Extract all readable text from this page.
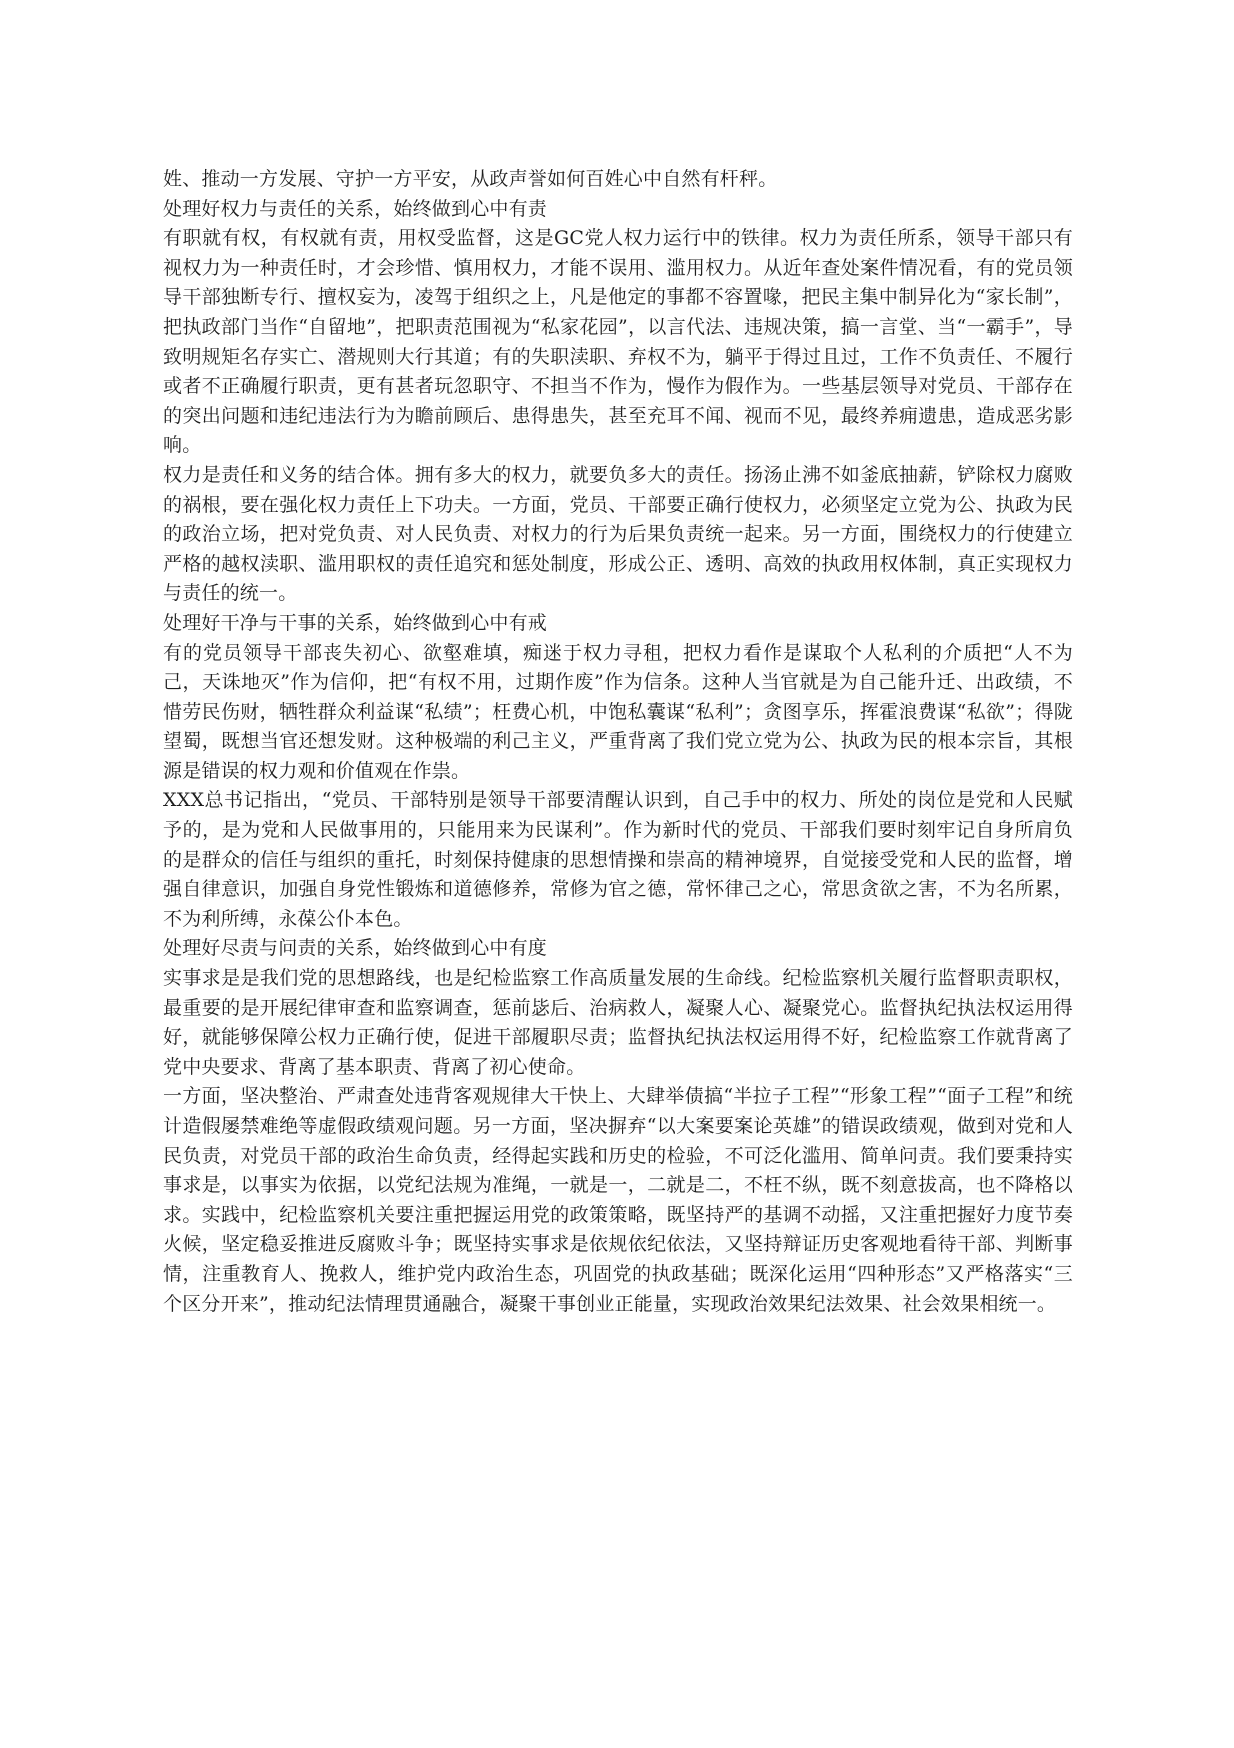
姓、推动一方发展、守护一方平安，从政声誉如何百姓心中自然有杆秤。

处理好权力与责任的关系，始终做到心中有责

有职就有权，有权就有责，用权受监督，这是GC党人权力运行中的铁律。权力为责任所系，领导干部只有视权力为一种责任时，才会珍惜、慎用权力，才能不误用、滥用权力。从近年查处案件情况看，有的党员领导干部独断专行、擅权妄为，凌驾于组织之上，凡是他定的事都不容置喙，把民主集中制异化为“家长制”，把执政部门当作“自留地”，把职责范围视为“私家花园”，以言代法、违规决策，搞一言堂、当“一霸手”，导致明规矩名存实亡、潜规则大行其道；有的失职渎职、弃权不为，躺平于得过且过，工作不负责任、不履行或者不正确履行职责，更有甚者玩忽职守、不担当不作为，慢作为假作为。一些基层领导对党员、干部存在的突出问题和违纪违法行为为瞻前顾后、患得患失，甚至充耳不闻、视而不见，最终养痈遗患，造成恶劣影响。

权力是责任和义务的结合体。拥有多大的权力，就要负多大的责任。扬汤止沸不如釜底抽薪，铲除权力腐败的祸根，要在强化权力责任上下功夫。一方面，党员、干部要正确行使权力，必须坚定立党为公、执政为民的政治立场，把对党负责、对人民负责、对权力的行为后果负责统一起来。另一方面，围绕权力的行使建立严格的越权渎职、滥用职权的责任追究和惩处制度，形成公正、透明、高效的执政用权体制，真正实现权力与责任的统一。

处理好干净与干事的关系，始终做到心中有戒

有的党员领导干部丧失初心、欲壑难填，痴迷于权力寻租，把权力看作是谋取个人私利的介质把“人不为己，天诛地灭”作为信仰，把“有权不用，过期作废”作为信条。这种人当官就是为自己能升迁、出政绩，不惜劳民伤财，牺牲群众利益谋“私绩”；枉费心机，中饱私囊谋“私利”；贪图享乐，挥霍浪费谋“私欲”；得陇望蜀，既想当官还想发财。这种极端的利己主义，严重背离了我们党立党为公、执政为民的根本宗旨，其根源是错误的权力观和价值观在作祟。

XXX总书记指出，“党员、干部特别是领导干部要清醒认识到，自己手中的权力、所处的岗位是党和人民赋予的，是为党和人民做事用的，只能用来为民谋利”。作为新时代的党员、干部我们要时刻牢记自身所肩负的是群众的信任与组织的重托，时刻保持健康的思想情操和崇高的精神境界，自觉接受党和人民的监督，增强自律意识，加强自身党性锻炼和道德修养，常修为官之德，常怀律己之心，常思贪欲之害，不为名所累，不为利所缚，永葆公仆本色。

处理好尽责与问责的关系，始终做到心中有度

实事求是是我们党的思想路线，也是纪检监察工作高质量发展的生命线。纪检监察机关履行监督职责职权，最重要的是开展纪律审查和监察调查，惩前毖后、治病救人，凝聚人心、凝聚党心。监督执纪执法权运用得好，就能够保障公权力正确行使，促进干部履职尽责；监督执纪执法权运用得不好，纪检监察工作就背离了党中央要求、背离了基本职责、背离了初心使命。

一方面，坚决整治、严肃查处违背客观规律大干快上、大肆举债搞“半拉子工程”“形象工程”“面子工程”和统计造假屡禁难绝等虚假政绩观问题。另一方面，坚决摒弃“以大案要案论英雄”的错误政绩观，做到对党和人民负责，对党员干部的政治生命负责，经得起实践和历史的检验，不可泛化滥用、简单问责。我们要秉持实事求是，以事实为依据，以党纪法规为准绳，一就是一，二就是二，不枉不纵，既不刻意拔高，也不降格以求。实践中，纪检监察机关要注重把握运用党的政策策略，既坚持严的基调不动摇，又注重把握好力度节奏火候，坚定稳妥推进反腐败斗争；既坚持实事求是依规依纪依法，又坚持辩证历史客观地看待干部、判断事情，注重教育人、挽救人，维护党内政治生态，巩固党的执政基础；既深化运用“四种形态”又严格落实“三个区分开来”，推动纪法情理贯通融合，凝聚干事创业正能量，实现政治效果纪法效果、社会效果相统一。
